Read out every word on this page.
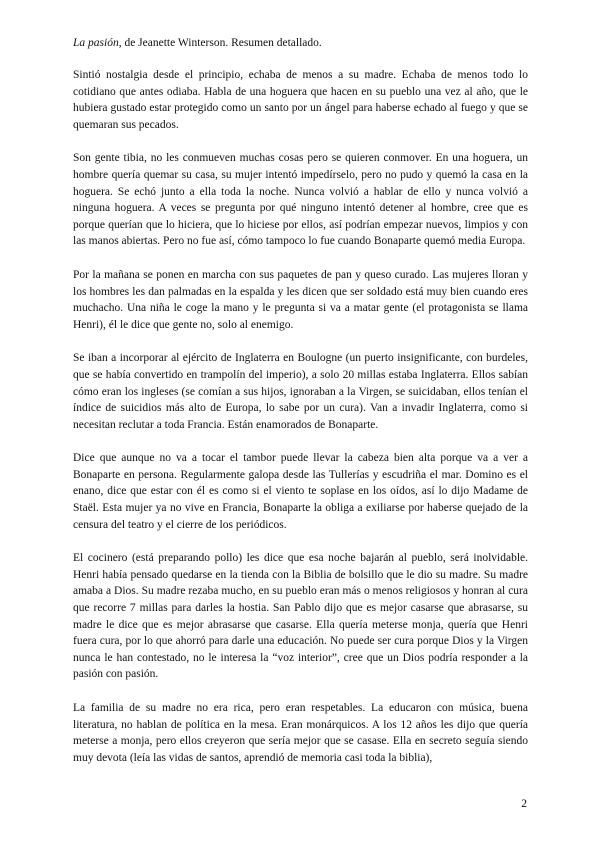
La pasión, de Jeanette Winterson. Resumen detallado.

Sintió nostalgia desde el principio, echaba de menos a su madre. Echaba de menos todo lo cotidiano que antes odiaba. Habla de una hoguera que hacen en su pueblo una vez al año, que le hubiera gustado estar protegido como un santo por un ángel para haberse echado al fuego y que se quemaran sus pecados.

Son gente tibia, no les conmueven muchas cosas pero se quieren conmover. En una hoguera, un hombre quería quemar su casa, su mujer intentó impedírselo, pero no pudo y quemó la casa en la hoguera. Se echó junto a ella toda la noche. Nunca volvió a hablar de ello y nunca volvió a ninguna hoguera. A veces se pregunta por qué ninguno intentó detener al hombre, cree que es porque querían que lo hiciera, que lo hiciese por ellos, así podrían empezar nuevos, limpios y con las manos abiertas. Pero no fue así, cómo tampoco lo fue cuando Bonaparte quemó media Europa.

Por la mañana se ponen en marcha con sus paquetes de pan y queso curado. Las mujeres lloran y los hombres les dan palmadas en la espalda y les dicen que ser soldado está muy bien cuando eres muchacho. Una niña le coge la mano y le pregunta si va a matar gente (el protagonista se llama Henri), él le dice que gente no, solo al enemigo.

Se iban a incorporar al ejército de Inglaterra en Boulogne (un puerto insignificante, con burdeles, que se había convertido en trampolín del imperio), a solo 20 millas estaba Inglaterra. Ellos sabían cómo eran los ingleses (se comían a sus hijos, ignoraban a la Virgen, se suicidaban, ellos tenían el índice de suicidios más alto de Europa, lo sabe por un cura). Van a invadir Inglaterra, como si necesitan reclutar a toda Francia. Están enamorados de Bonaparte.

Dice que aunque no va a tocar el tambor puede llevar la cabeza bien alta porque va a ver a Bonaparte en persona. Regularmente galopa desde las Tullerías y escudriña el mar. Domino es el enano, dice que estar con él es como si el viento te soplase en los oídos, así lo dijo Madame de Staël. Esta mujer ya no vive en Francia, Bonaparte la obliga a exiliarse por haberse quejado de la censura del teatro y el cierre de los periódicos.

El cocinero (está preparando pollo) les dice que esa noche bajarán al pueblo, será inolvidable. Henri había pensado quedarse en la tienda con la Biblia de bolsillo que le dio su madre. Su madre amaba a Dios. Su madre rezaba mucho, en su pueblo eran más o menos religiosos y honran al cura que recorre 7 millas para darles la hostia. San Pablo dijo que es mejor casarse que abrasarse, su madre le dice que es mejor abrasarse que casarse. Ella quería meterse monja, quería que Henri fuera cura, por lo que ahorró para darle una educación. No puede ser cura porque Dios y la Virgen nunca le han contestado, no le interesa la “voz interior”, cree que un Dios podría responder a la pasión con pasión.

La familia de su madre no era rica, pero eran respetables. La educaron con música, buena literatura, no hablan de política en la mesa. Eran monárquicos. A los 12 años les dijo que quería meterse a monja, pero ellos creyeron que sería mejor que se casase. Ella en secreto seguía siendo muy devota (leía las vidas de santos, aprendió de memoria casi toda la biblia),

2
